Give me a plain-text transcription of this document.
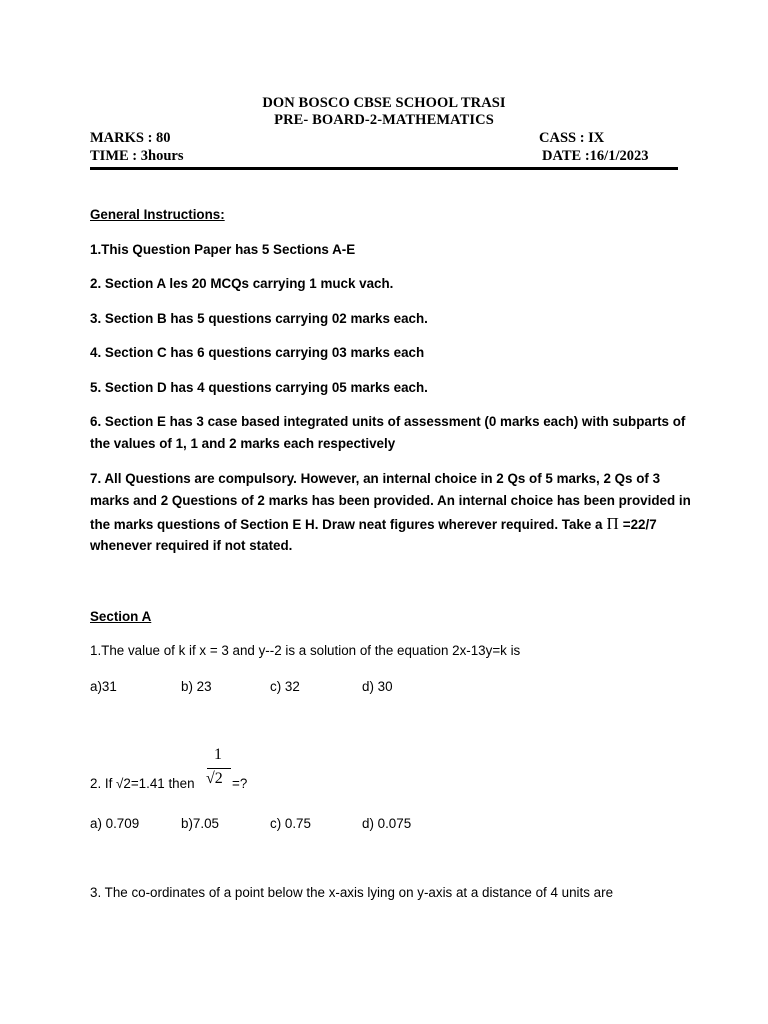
DON BOSCO CBSE SCHOOL TRASI
PRE- BOARD-2-MATHEMATICS
MARKS : 80	CASS : IX
TIME : 3hours	DATE :16/1/2023
General Instructions:
1.This Question Paper has 5 Sections A-E
2. Section A les 20 MCQs carrying 1 muck vach.
3. Section B has 5 questions carrying 02 marks each.
4. Section C has 6 questions carrying 03 marks each
5. Section D has 4 questions carrying 05 marks each.
6. Section E has 3 case based integrated units of assessment (0 marks each) with subparts of
the values of 1, 1 and 2 marks each respectively
7. All Questions are compulsory. However, an internal choice in 2 Qs of 5 marks, 2 Qs of 3
marks and 2 Questions of 2 marks has been provided. An internal choice has been provided in
the marks questions of Section E H. Draw neat figures wherever required. Take a Π =22/7
whenever required if not stated.
Section A
1.The value of k if x = 3 and y--2 is a solution of the equation 2x-13y=k is
a)31	b) 23	c) 32	d) 30
2. If √2=1.41 then
1
√2 =?
a) 0.709	b)7.05	c) 0.75	d) 0.075
3. The co-ordinates of a point below the x-axis lying on y-axis at a distance of 4 units are
